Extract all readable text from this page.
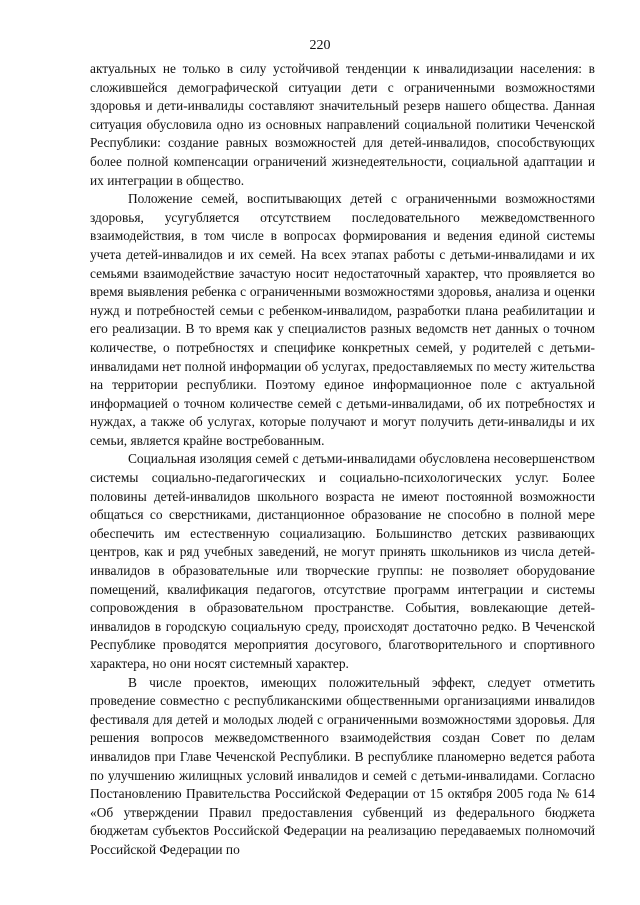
220

актуальных не только в силу устойчивой тенденции к инвалидизации населения: в сложившейся демографической ситуации дети с ограниченными возможностями здоровья и дети-инвалиды составляют значительный резерв нашего общества. Данная ситуация обусловила одно из основных направлений социальной политики Чеченской Республики: создание равных возможностей для детей-инвалидов, способствующих более полной компенсации ограничений жизнедеятельности, социальной адаптации и их интеграции в общество.

Положение семей, воспитывающих детей с ограниченными возможностями здоровья, усугубляется отсутствием последовательного межведомственного взаимодействия, в том числе в вопросах формирования и ведения единой системы учета детей-инвалидов и их семей. На всех этапах работы с детьми-инвалидами и их семьями взаимодействие зачастую носит недостаточный характер, что проявляется во время выявления ребенка с ограниченными возможностями здоровья, анализа и оценки нужд и потребностей семьи с ребенком-инвалидом, разработки плана реабилитации и его реализации. В то время как у специалистов разных ведомств нет данных о точном количестве, о потребностях и специфике конкретных семей, у родителей с детьми-инвалидами нет полной информации об услугах, предоставляемых по месту жительства на территории республики. Поэтому единое информационное поле с актуальной информацией о точном количестве семей с детьми-инвалидами, об их потребностях и нуждах, а также об услугах, которые получают и могут получить дети-инвалиды и их семьи, является крайне востребованным.

Социальная изоляция семей с детьми-инвалидами обусловлена несовершенством системы социально-педагогических и социально-психологических услуг. Более половины детей-инвалидов школьного возраста не имеют постоянной возможности общаться со сверстниками, дистанционное образование не способно в полной мере обеспечить им естественную социализацию. Большинство детских развивающих центров, как и ряд учебных заведений, не могут принять школьников из числа детей-инвалидов в образовательные или творческие группы: не позволяет оборудование помещений, квалификация педагогов, отсутствие программ интеграции и системы сопровождения в образовательном пространстве. События, вовлекающие детей-инвалидов в городскую социальную среду, происходят достаточно редко. В Чеченской Республике проводятся мероприятия досугового, благотворительного и спортивного характера, но они носят системный характер.

В числе проектов, имеющих положительный эффект, следует отметить проведение совместно с республиканскими общественными организациями инвалидов фестиваля для детей и молодых людей с ограниченными возможностями здоровья. Для решения вопросов межведомственного взаимодействия создан Совет по делам инвалидов при Главе Чеченской Республики. В республике планомерно ведется работа по улучшению жилищных условий инвалидов и семей с детьми-инвалидами. Согласно Постановлению Правительства Российской Федерации от 15 октября 2005 года № 614 «Об утверждении Правил предоставления субвенций из федерального бюджета бюджетам субъектов Российской Федерации на реализацию передаваемых полномочий Российской Федерации по
